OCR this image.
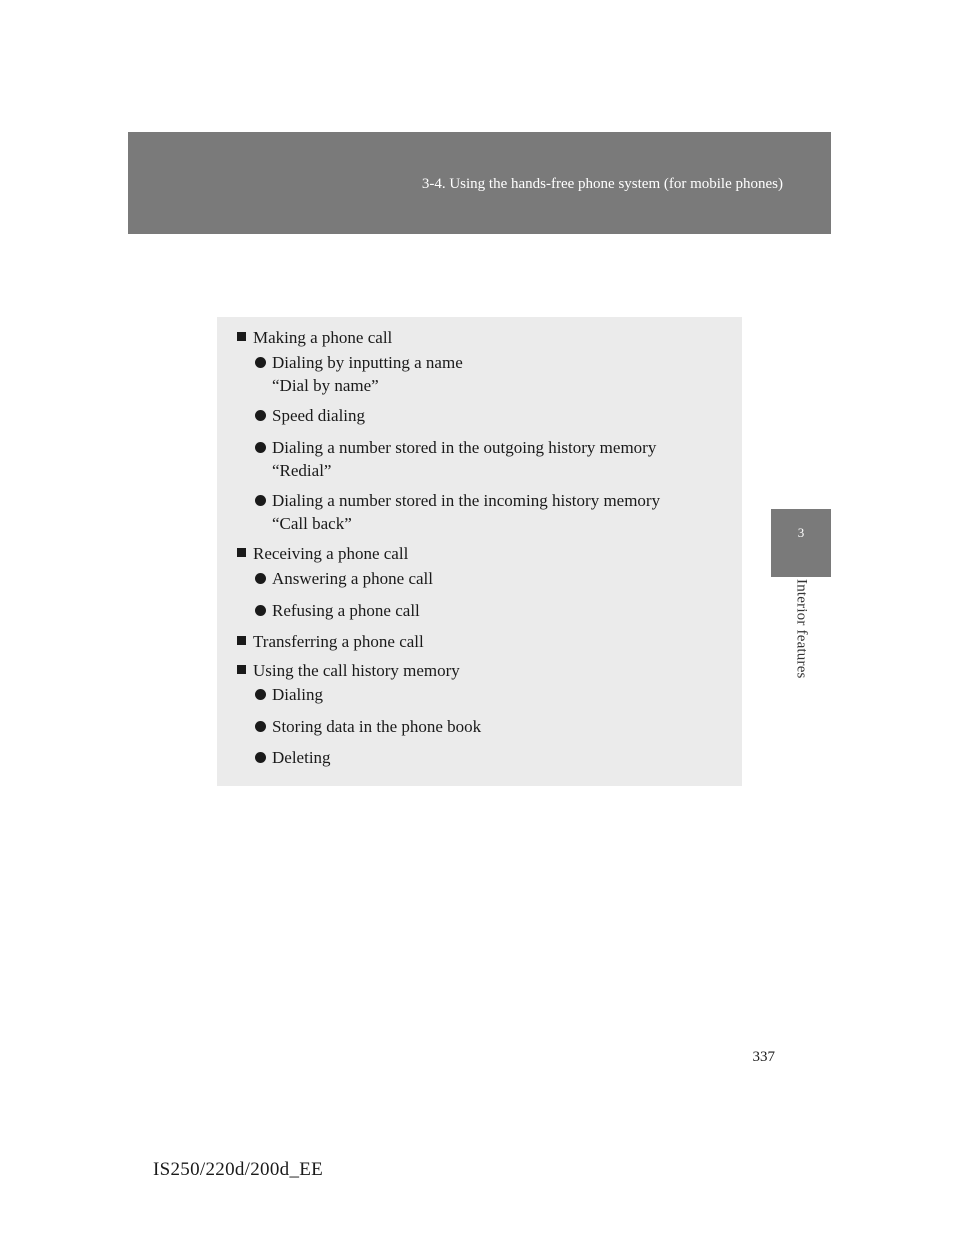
3-4. Using the hands-free phone system (for mobile phones)
3
Interior features
Making a phone call
Dialing by inputting a name
“Dial by name”
Speed dialing
Dialing a number stored in the outgoing history memory
“Redial”
Dialing a number stored in the incoming history memory
“Call back”
Receiving a phone call
Answering a phone call
Refusing a phone call
Transferring a phone call
Using the call history memory
Dialing
Storing data in the phone book
Deleting
337
IS250/220d/200d_EE
